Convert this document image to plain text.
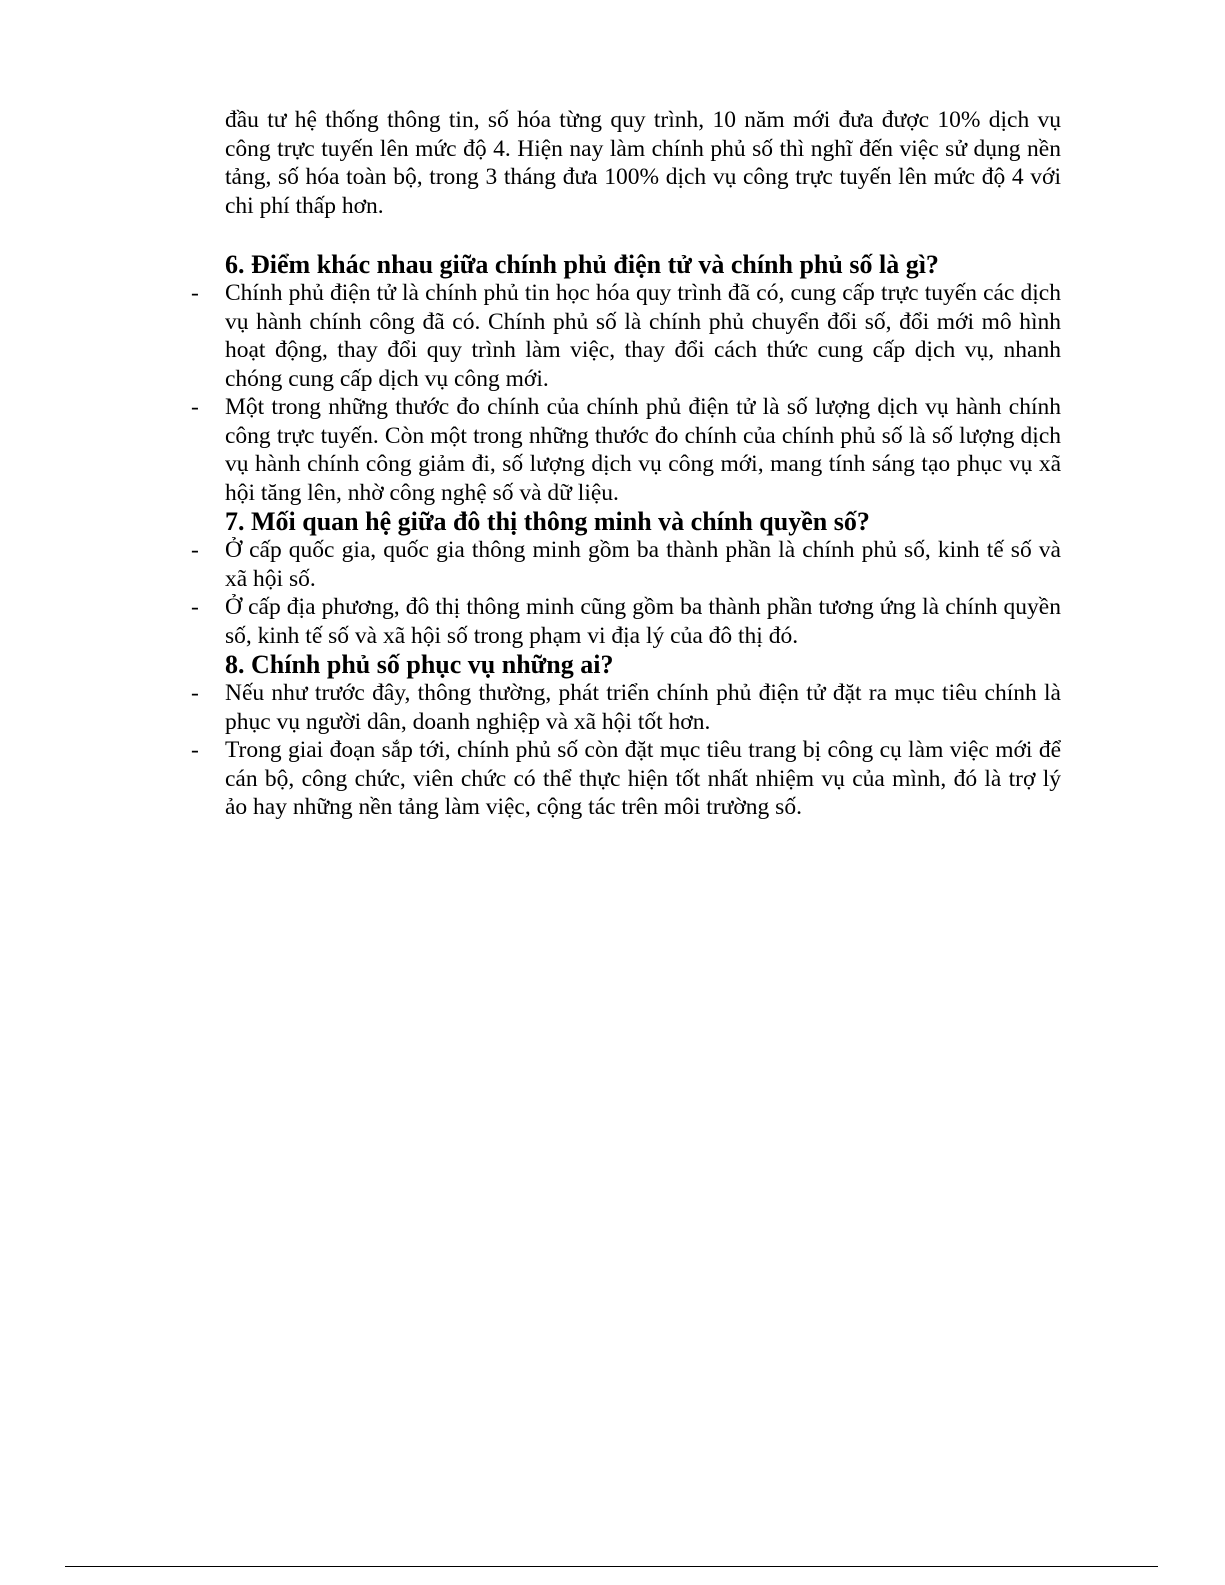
đầu tư hệ thống thông tin, số hóa từng quy trình, 10 năm mới đưa được 10% dịch vụ công trực tuyến lên mức độ 4. Hiện nay làm chính phủ số thì nghĩ đến việc sử dụng nền tảng, số hóa toàn bộ, trong 3 tháng đưa 100% dịch vụ công trực tuyến lên mức độ 4 với chi phí thấp hơn.

6. Điểm khác nhau giữa chính phủ điện tử và chính phủ số là gì?
- Chính phủ điện tử là chính phủ tin học hóa quy trình đã có, cung cấp trực tuyến các dịch vụ hành chính công đã có. Chính phủ số là chính phủ chuyển đổi số, đổi mới mô hình hoạt động, thay đổi quy trình làm việc, thay đổi cách thức cung cấp dịch vụ, nhanh chóng cung cấp dịch vụ công mới.
- Một trong những thước đo chính của chính phủ điện tử là số lượng dịch vụ hành chính công trực tuyến. Còn một trong những thước đo chính của chính phủ số là số lượng dịch vụ hành chính công giảm đi, số lượng dịch vụ công mới, mang tính sáng tạo phục vụ xã hội tăng lên, nhờ công nghệ số và dữ liệu.
7. Mối quan hệ giữa đô thị thông minh và chính quyền số?
- Ở cấp quốc gia, quốc gia thông minh gồm ba thành phần là chính phủ số, kinh tế số và xã hội số.
- Ở cấp địa phương, đô thị thông minh cũng gồm ba thành phần tương ứng là chính quyền số, kinh tế số và xã hội số trong phạm vi địa lý của đô thị đó.
8. Chính phủ số phục vụ những ai?
- Nếu như trước đây, thông thường, phát triển chính phủ điện tử đặt ra mục tiêu chính là phục vụ người dân, doanh nghiệp và xã hội tốt hơn.
- Trong giai đoạn sắp tới, chính phủ số còn đặt mục tiêu trang bị công cụ làm việc mới để cán bộ, công chức, viên chức có thể thực hiện tốt nhất nhiệm vụ của mình, đó là trợ lý ảo hay những nền tảng làm việc, cộng tác trên môi trường số.
